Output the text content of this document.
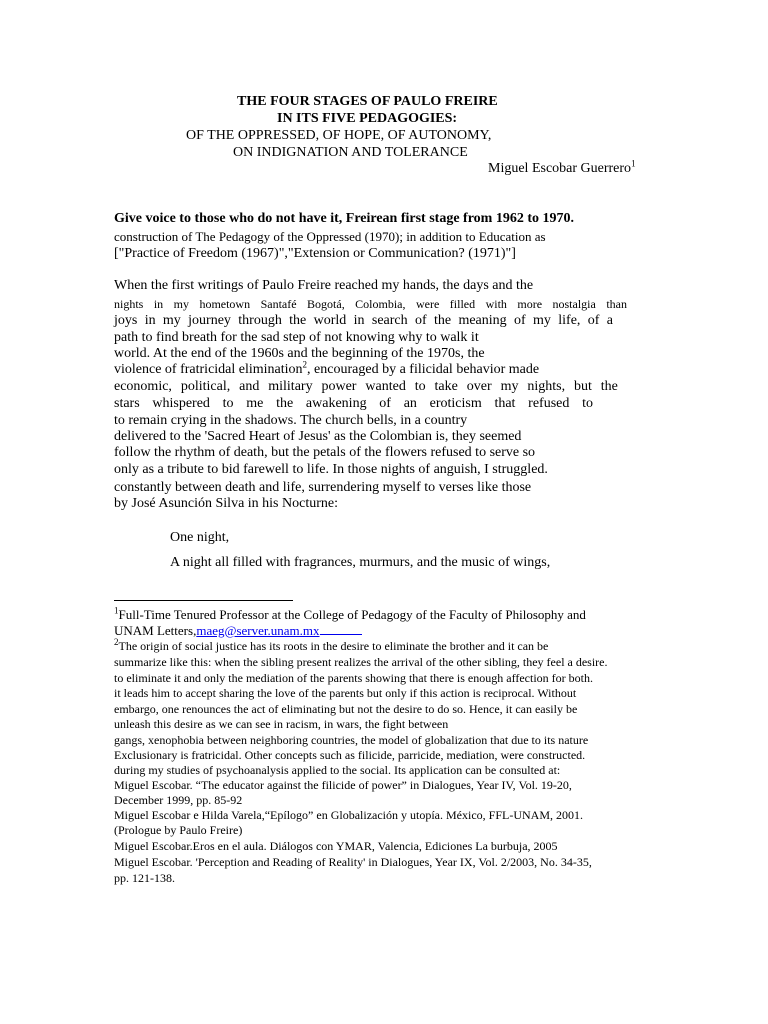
THE FOUR STAGES OF PAULO FREIRE
IN ITS FIVE PEDAGOGIES:
OF THE OPPRESSED, OF HOPE, OF AUTONOMY,
ON INDIGNATION AND TOLERANCE
Miguel Escobar Guerrero$^1$
Give voice to those who do not have it, Freirean first stage from 1962 to 1970.
construction of The Pedagogy of the Oppressed (1970); in addition to Education as
["Practice of Freedom (1967)","Extension or Communication? (1971)"]
When the first writings of Paulo Freire reached my hands, the days and the
nights in my hometown Santafé Bogotá, Colombia, were filled with more nostalgia than
joys in my journey through the world in search of the meaning of my life, of a
path to find breath for the sad step of not knowing why to walk it
world. At the end of the 1960s and the beginning of the 1970s, the
violence of fratricidal elimination$^2$, encouraged by a filicidal behavior made
economic, political, and military power wanted to take over my nights, but the
stars whispered to me the awakening of an eroticism that refused to
to remain crying in the shadows. The church bells, in a country
delivered to the 'Sacred Heart of Jesus' as the Colombian is, they seemed
follow the rhythm of death, but the petals of the flowers refused to serve so
only as a tribute to bid farewell to life. In those nights of anguish, I struggled.
constantly between death and life, surrendering myself to verses like those
by José Asunción Silva in his Nocturne:
One night,
A night all filled with fragrances, murmurs, and the music of wings,
$^1$Full-Time Tenured Professor at the College of Pedagogy of the Faculty of Philosophy and
UNAM Letters,maeg@server.unam.mx
$^2$The origin of social justice has its roots in the desire to eliminate the brother and it can be
summarize like this: when the sibling present realizes the arrival of the other sibling, they feel a desire.
to eliminate it and only the mediation of the parents showing that there is enough affection for both.
it leads him to accept sharing the love of the parents but only if this action is reciprocal. Without
embargo, one renounces the act of eliminating but not the desire to do so. Hence, it can easily be
unleash this desire as we can see in racism, in wars, the fight between
gangs, xenophobia between neighboring countries, the model of globalization that due to its nature
Exclusionary is fratricidal. Other concepts such as filicide, parricide, mediation, were constructed.
during my studies of psychoanalysis applied to the social. Its application can be consulted at:
Miguel Escobar. “The educator against the filicide of power” in Dialogues, Year IV, Vol. 19-20,
December 1999, pp. 85-92
Miguel Escobar e Hilda Varela,“Epílogo” en Globalización y utopía. México, FFL-UNAM, 2001.
(Prologue by Paulo Freire)
Miguel Escobar.Eros en el aula. Diálogos con YMAR, Valencia, Ediciones La burbuja, 2005
Miguel Escobar. 'Perception and Reading of Reality' in Dialogues, Year IX, Vol. 2/2003, No. 34-35,
pp. 121-138.
